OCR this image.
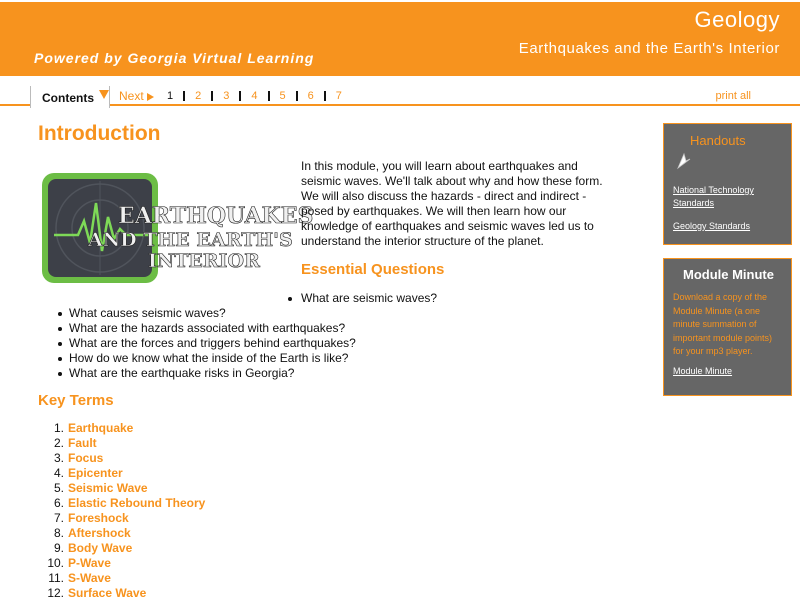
Geology
Earthquakes and the Earth's Interior
Powered by Georgia Virtual Learning
Contents	Next 1 2 3 4 5 6 7	print all
Introduction
EARTHQUAKES
AND THE EARTH'S
INTERIOR

In this module, you will learn about earthquakes and seismic waves. We'll talk about why and how these form. We will also discuss the hazards - direct and indirect - posed by earthquakes. We will then learn how our knowledge of earthquakes and seismic waves led us to understand the interior structure of the planet.

Essential Questions
What are seismic waves?
What causes seismic waves?
What are the hazards associated with earthquakes?
What are the forces and triggers behind earthquakes?
How do we know what the inside of the Earth is like?
What are the earthquake risks in Georgia?
Key Terms
1. Earthquake
2. Fault
3. Focus
4. Epicenter
5. Seismic Wave
6. Elastic Rebound Theory
7. Foreshock
8. Aftershock
9. Body Wave
10. P-Wave
11. S-Wave
12. Surface Wave
Handouts
National Technology Standards
Geology Standards
Module Minute
Download a copy of the Module Minute (a one minute summation of important module points) for your mp3 player.
Module Minute
